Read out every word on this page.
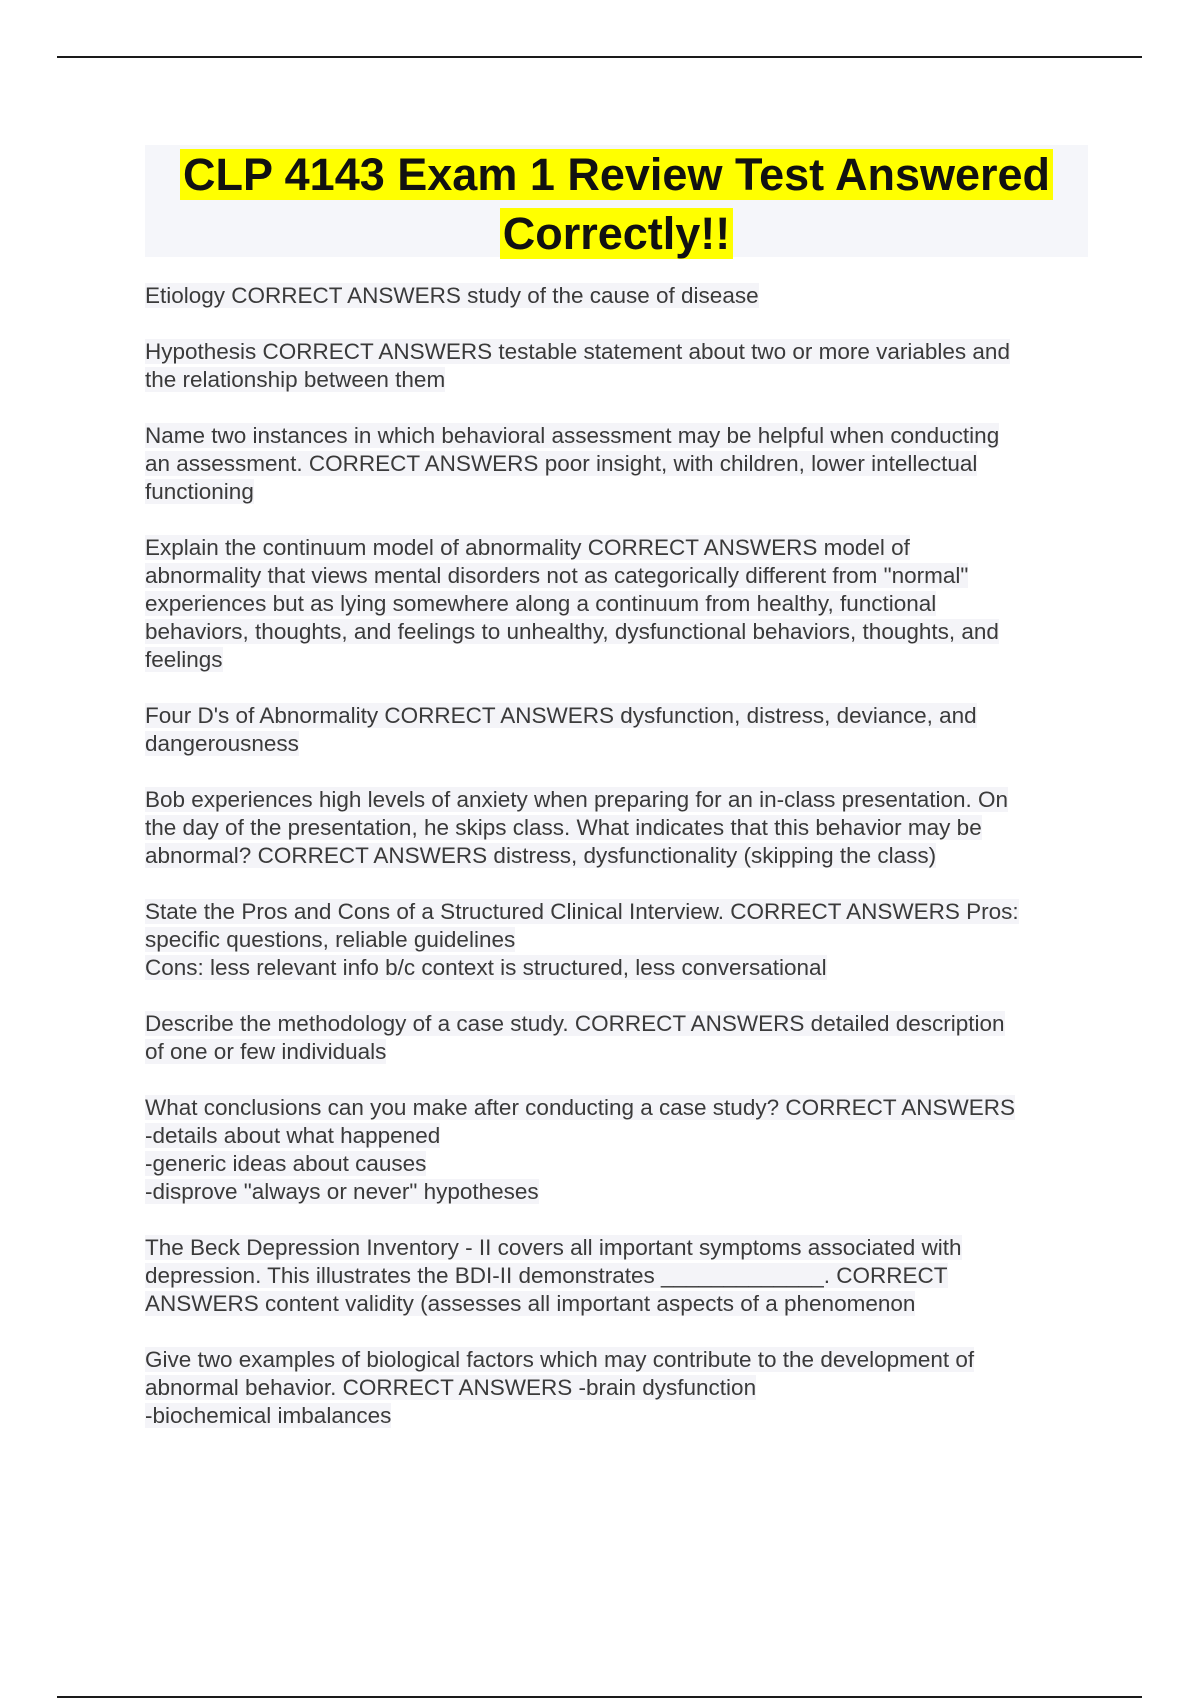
CLP 4143 Exam 1 Review Test Answered
Correctly!!
Etiology CORRECT ANSWERS study of the cause of disease
Hypothesis CORRECT ANSWERS testable statement about two or more variables and
the relationship between them
Name two instances in which behavioral assessment may be helpful when conducting
an assessment. CORRECT ANSWERS poor insight, with children, lower intellectual
functioning
Explain the continuum model of abnormality CORRECT ANSWERS model of
abnormality that views mental disorders not as categorically different from "normal"
experiences but as lying somewhere along a continuum from healthy, functional
behaviors, thoughts, and feelings to unhealthy, dysfunctional behaviors, thoughts, and
feelings
Four D's of Abnormality CORRECT ANSWERS dysfunction, distress, deviance, and
dangerousness
Bob experiences high levels of anxiety when preparing for an in-class presentation. On
the day of the presentation, he skips class. What indicates that this behavior may be
abnormal? CORRECT ANSWERS distress, dysfunctionality (skipping the class)
State the Pros and Cons of a Structured Clinical Interview. CORRECT ANSWERS Pros:
specific questions, reliable guidelines
Cons: less relevant info b/c context is structured, less conversational
Describe the methodology of a case study. CORRECT ANSWERS detailed description
of one or few individuals
What conclusions can you make after conducting a case study? CORRECT ANSWERS
-details about what happened
-generic ideas about causes
-disprove "always or never" hypotheses
The Beck Depression Inventory - II covers all important symptoms associated with
depression. This illustrates the BDI-II demonstrates _____________. CORRECT
ANSWERS content validity (assesses all important aspects of a phenomenon
Give two examples of biological factors which may contribute to the development of
abnormal behavior. CORRECT ANSWERS -brain dysfunction
-biochemical imbalances
